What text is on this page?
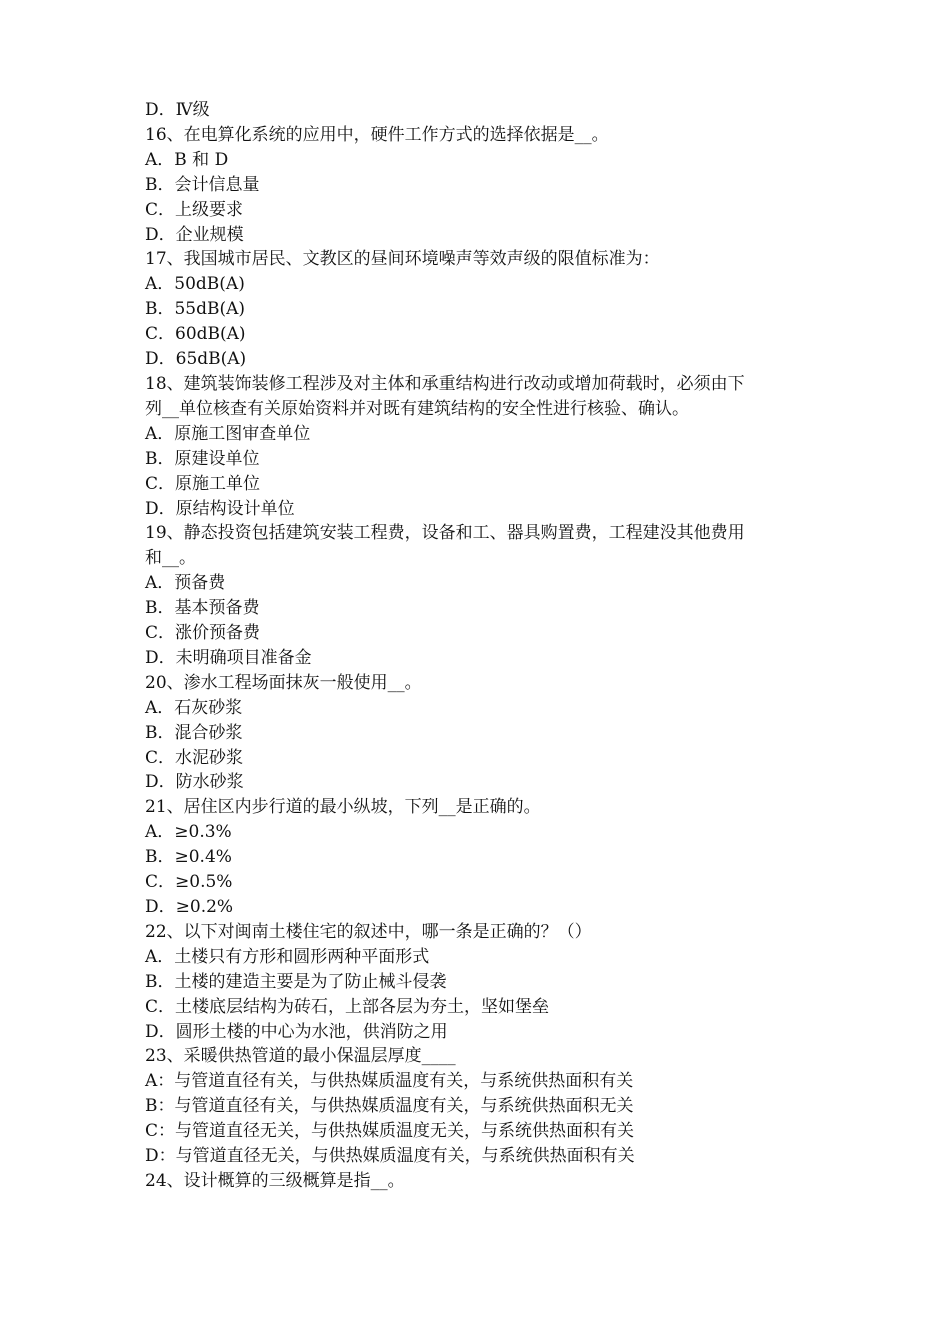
D．Ⅳ级

16、在电算化系统的应用中，硬件工作方式的选择依据是__。

A．B 和 D

B．会计信息量

C．上级要求

D．企业规模

17、我国城市居民、文教区的昼间环境噪声等效声级的限值标准为：

A．50dB(A)

B．55dB(A)

C．60dB(A)

D．65dB(A)

18、建筑装饰装修工程涉及对主体和承重结构进行改动或增加荷载时，必须由下

列__单位核查有关原始资料并对既有建筑结构的安全性进行核验、确认。

A．原施工图审查单位

B．原建设单位

C．原施工单位

D．原结构设计单位

19、静态投资包括建筑安装工程费，设备和工、器具购置费，工程建没其他费用

和__。

A．预备费

B．基本预备费

C．涨价预备费

D．未明确项目准备金

20、渗水工程场面抹灰一般使用__。

A．石灰砂浆

B．混合砂浆

C．水泥砂浆

D．防水砂浆

21、居住区内步行道的最小纵坡，下列__是正确的。

A．≥0.3%

B．≥0.4%

C．≥0.5%

D．≥0.2%

22、以下对闽南土楼住宅的叙述中，哪一条是正确的？（）

A．土楼只有方形和圆形两种平面形式

B．土楼的建造主要是为了防止械斗侵袭

C．土楼底层结构为砖石，上部各层为夯土，坚如堡垒

D．圆形土楼的中心为水池，供消防之用

23、采暖供热管道的最小保温层厚度____

A：与管道直径有关，与供热媒质温度有关，与系统供热面积有关

B：与管道直径有关，与供热媒质温度有关，与系统供热面积无关

C：与管道直径无关，与供热媒质温度无关，与系统供热面积有关

D：与管道直径无关，与供热媒质温度有关，与系统供热面积有关

24、设计概算的三级概算是指__。
